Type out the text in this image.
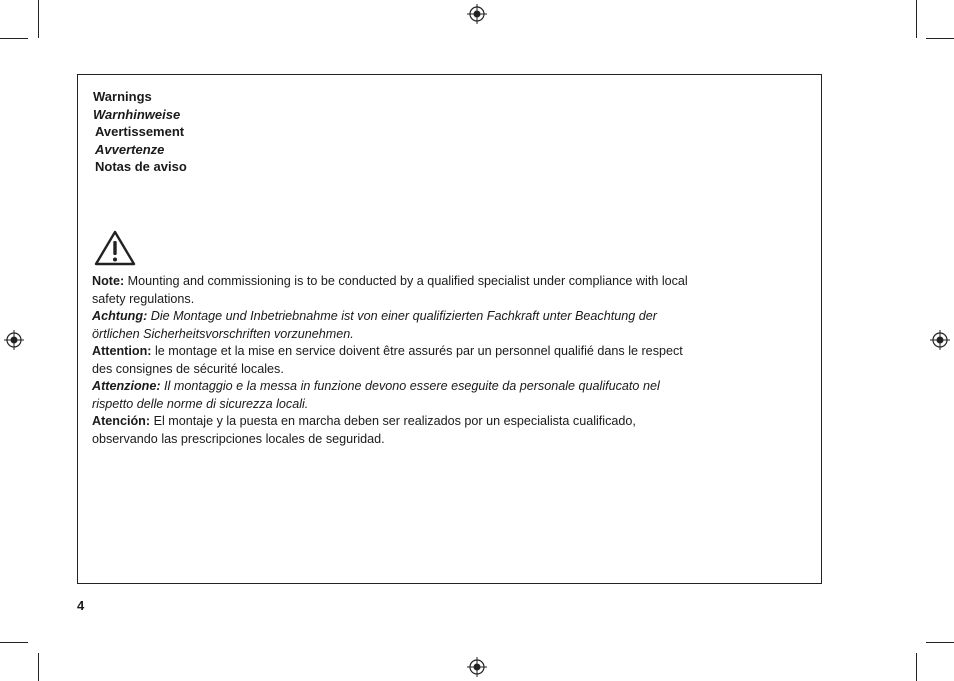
Warnings
Warnhinweise
Avertissement
Avvertenze
Notas de aviso

Note: Mounting and commissioning is to be conducted by a qualified specialist under compliance with local safety regulations.

Achtung: Die Montage und Inbetriebnahme ist von einer qualifizierten Fachkraft unter Beachtung der örtlichen Sicherheitsvorschriften vorzunehmen.

Attention: le montage et la mise en service doivent être assurés par un personnel qualifié dans le respect des consignes de sécurité locales.

Attenzione: Il montaggio e la messa in funzione devono essere eseguite da personale qualifucato nel rispetto delle norme di sicurezza locali.

Atención: El montaje y la puesta en marcha deben ser realizados por un especialista cualificado, observando las prescripciones locales de seguridad.

4
